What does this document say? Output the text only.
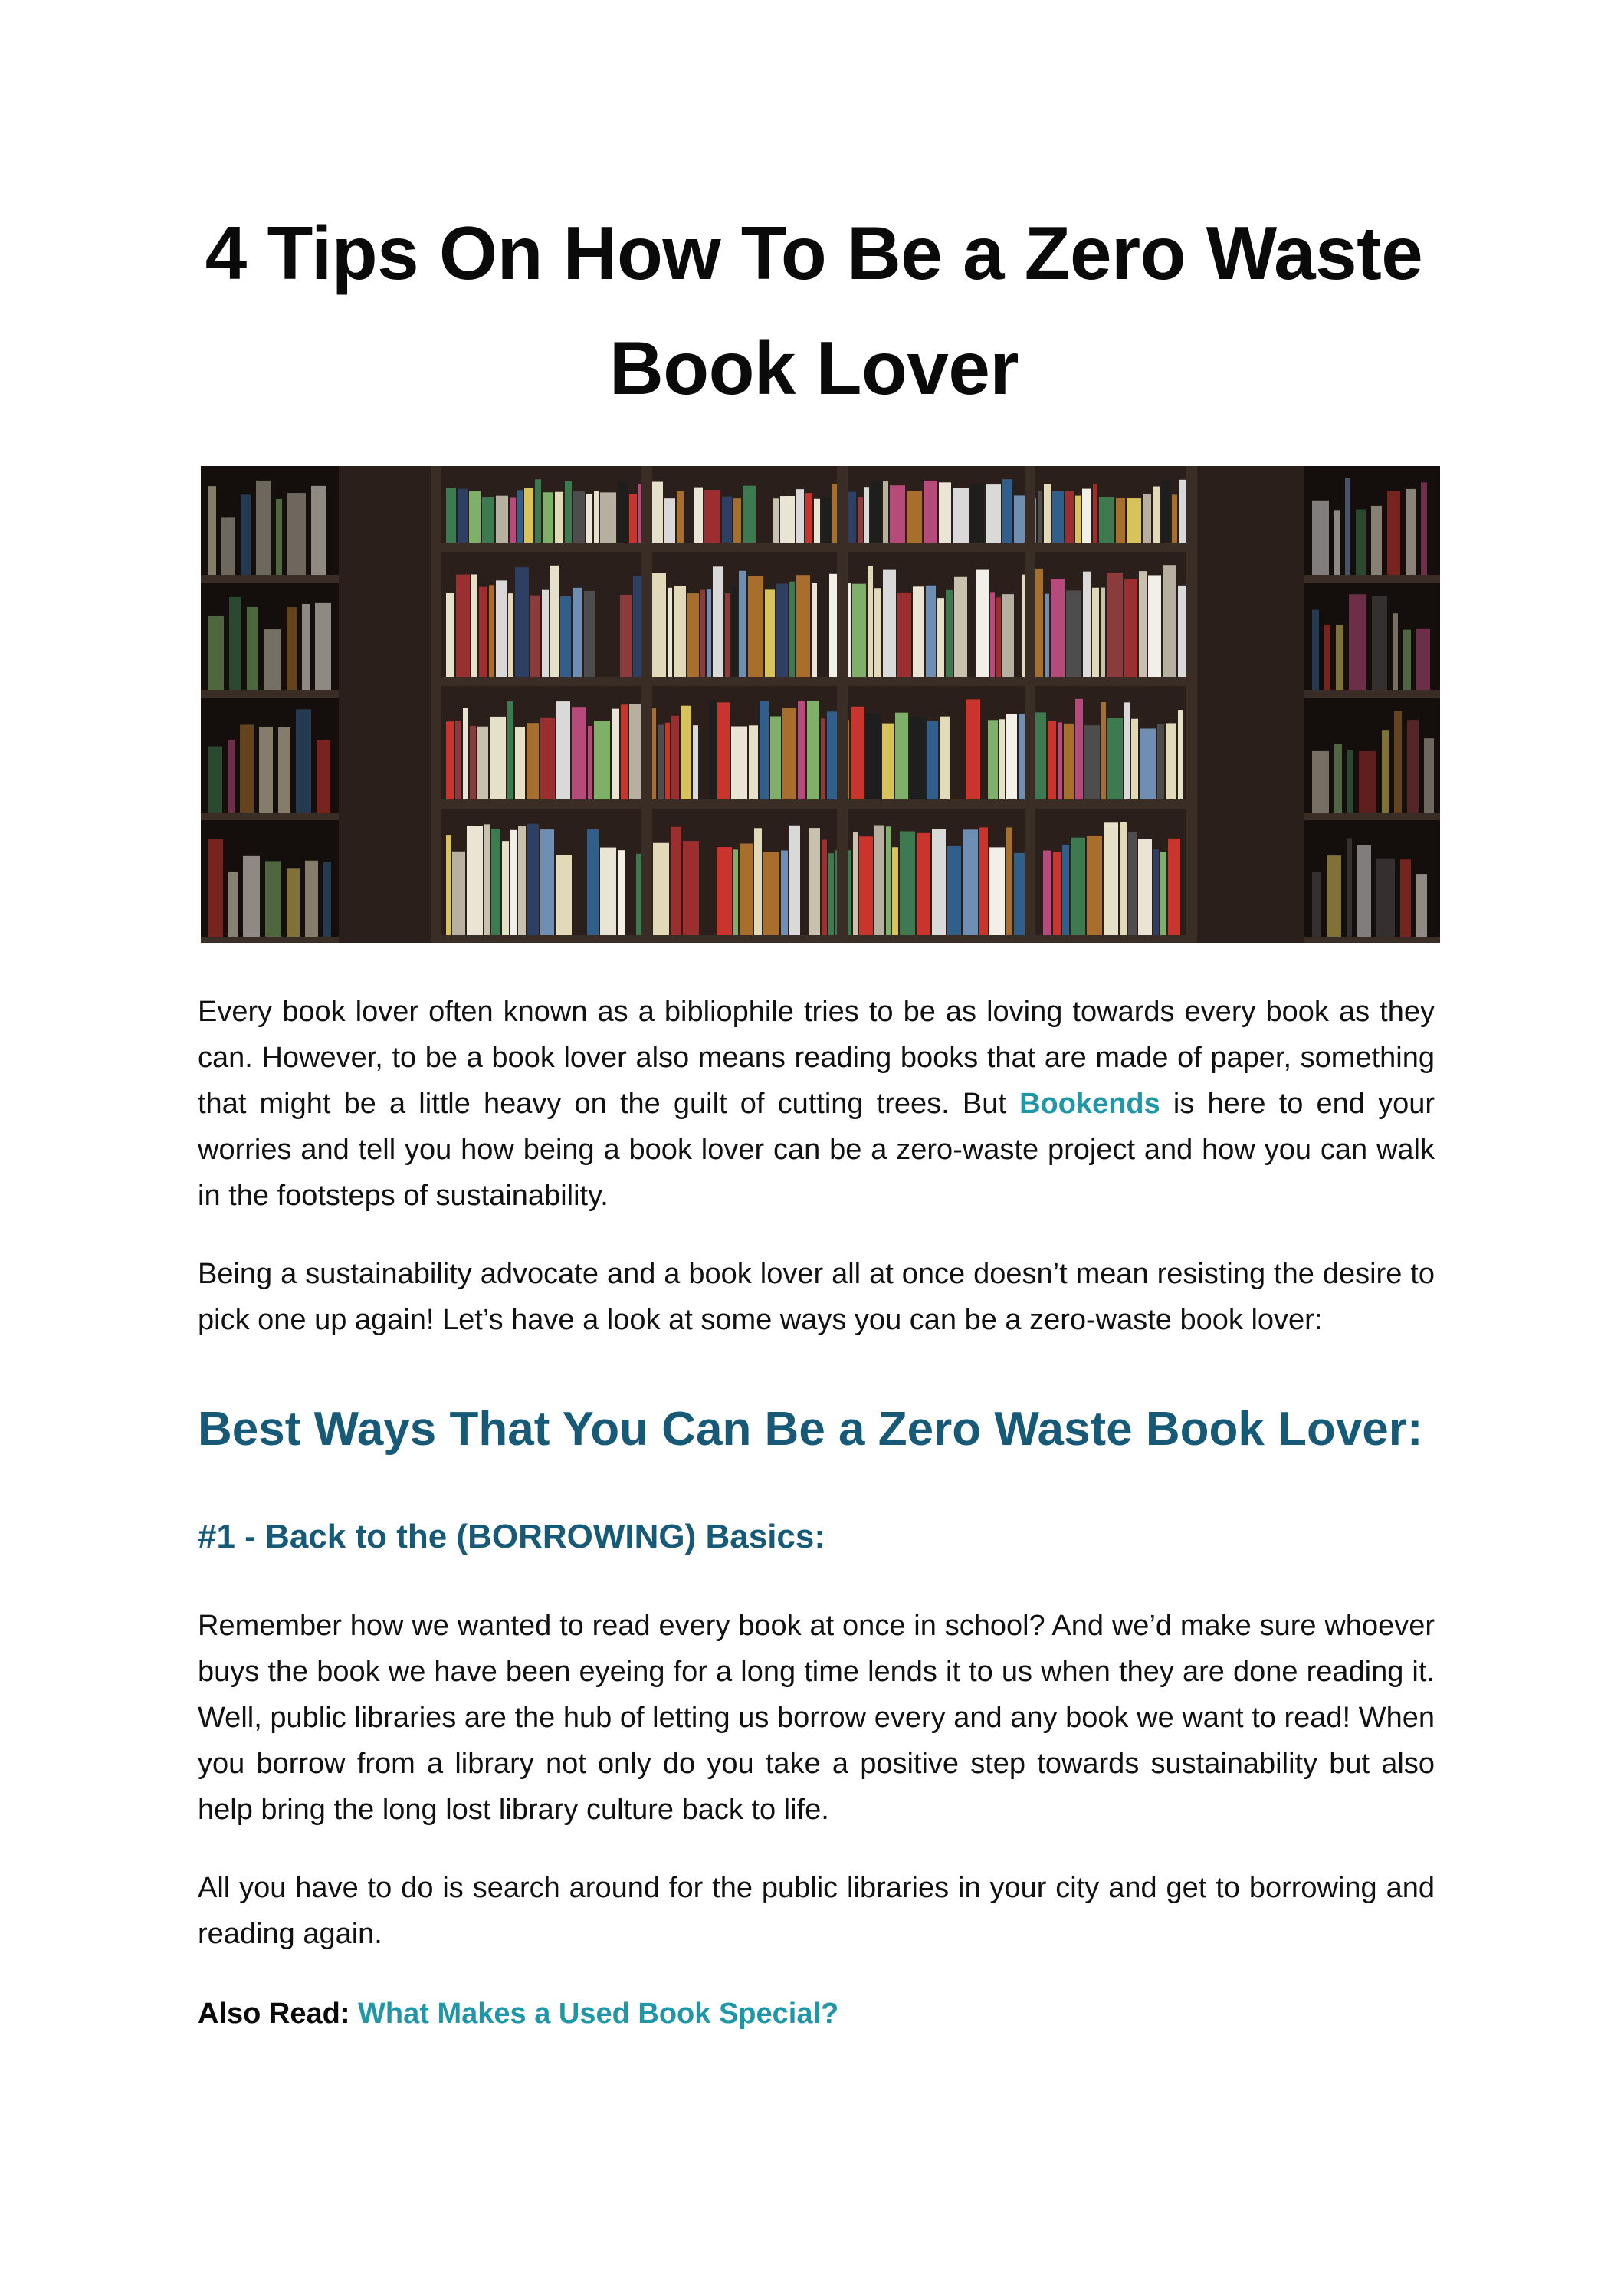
4 Tips On How To Be a Zero Waste Book Lover

Every book lover often known as a bibliophile tries to be as loving towards every book as they can. However, to be a book lover also means reading books that are made of paper, something that might be a little heavy on the guilt of cutting trees. But Bookends is here to end your worries and tell you how being a book lover can be a zero-waste project and how you can walk in the footsteps of sustainability.

Being a sustainability advocate and a book lover all at once doesn’t mean resisting the desire to pick one up again! Let’s have a look at some ways you can be a zero-waste book lover:

Best Ways That You Can Be a Zero Waste Book Lover:
#1 - Back to the (BORROWING) Basics:

Remember how we wanted to read every book at once in school? And we’d make sure whoever buys the book we have been eyeing for a long time lends it to us when they are done reading it. Well, public libraries are the hub of letting us borrow every and any book we want to read! When you borrow from a library not only do you take a positive step towards sustainability but also help bring the long lost library culture back to life.

All you have to do is search around for the public libraries in your city and get to borrowing and reading again.

Also Read: What Makes a Used Book Special?
